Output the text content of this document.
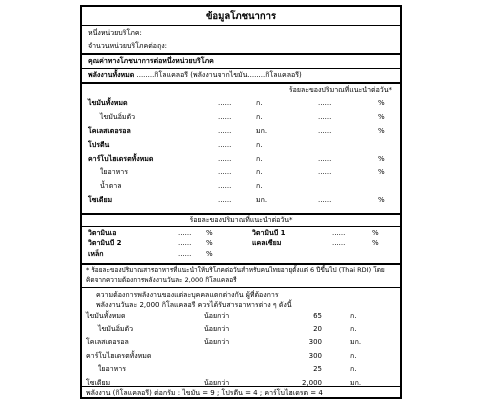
ข้อมูลโภชนาการ
หนึ่งหน่วยบริโภค:
จำนวนหน่วยบริโภคต่อถุง:
คุณค่าทางโภชนาการต่อหนึ่งหน่วยบริโภค
พลังงานทั้งหมด ........กิโลแคลอรี (พลังงานจากไขมัน........กิโลแคลอรี)
ร้อยละของปริมาณที่แนะนำต่อวัน*
ไขมันทั้งหมด	......	ก.	......	%
ไขมันอิ่มตัว	......	ก.	......	%
โคเลสเตอรอล	......	มก.	......	%
โปรตีน	......	ก.
คาร์โบไฮเดรตทั้งหมด	......	ก.	......	%
ใยอาหาร	......	ก.	......	%
น้ำตาล	......	ก.
โซเดียม	......	มก.	......	%
ร้อยละของปริมาณที่แนะนำต่อวัน*
วิตามินเอ	...... %	วิตามินบี 1	......	%
วิตามินบี 2	...... %	แคลเซียม	......	%
เหล็ก	...... %
* ร้อยละของปริมาณสารอาหารที่แนะนำให้บริโภคต่อวันสำหรับคนไทยอายุตั้งแต่ 6 ปีขึ้นไป (Thai RDI) โดย
คิดจากความต้องการพลังงานวันละ 2,000 กิโลแคลอรี
ความต้องการพลังงานของแต่ละบุคคลแตกต่างกัน ผู้ที่ต้องการ
พลังงานวันละ 2,000 กิโลแคลอรี ควรได้รับสารอาหารต่าง ๆ ดังนี้
ไขมันทั้งหมด	น้อยกว่า	65	ก.
ไขมันอิ่มตัว	น้อยกว่า	20	ก.
โคเลสเตอรอล	น้อยกว่า	300	มก.
คาร์โบไฮเดรตทั้งหมด	300	ก.
ใยอาหาร	25	ก.
โซเดียม	น้อยกว่า	2,000	มก.
พลังงาน (กิโลแคลอรี) ต่อกรัม : ไขมัน = 9 ; โปรตีน = 4 ; คาร์โบไฮเดรต = 4
